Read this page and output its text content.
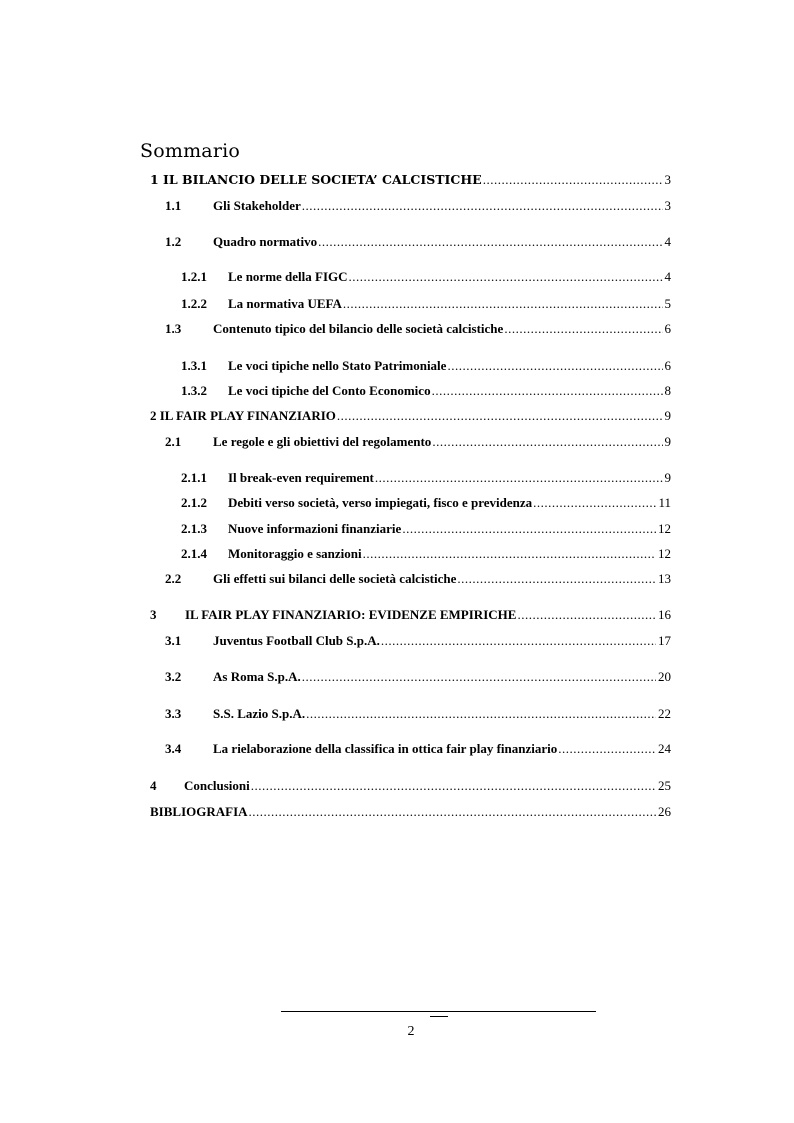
Sommario
1 IL BILANCIO DELLE SOCIETA’ CALCISTICHE .....	3
1.1	Gli Stakeholder .....	3
1.2	Quadro normativo .....	4
1.2.1	Le norme della FIGC .....	4
1.2.2	La normativa UEFA .....	5
1.3	Contenuto tipico del bilancio delle società calcistiche .....	6
1.3.1	Le voci tipiche nello Stato Patrimoniale .....	6
1.3.2	Le voci tipiche del Conto Economico .....	8
2 IL FAIR PLAY FINANZIARIO .....	9
2.1	Le regole e gli obiettivi del regolamento .....	9
2.1.1	Il break-even requirement .....	9
2.1.2	Debiti verso società, verso impiegati, fisco e previdenza .....	11
2.1.3	Nuove informazioni finanziarie .....	12
2.1.4	Monitoraggio e sanzioni .....	12
2.2	Gli effetti sui bilanci delle società calcistiche .....	13
3	IL FAIR PLAY FINANZIARIO: EVIDENZE EMPIRICHE .....	16
3.1	Juventus Football Club S.p.A. .....	17
3.2	As Roma S.p.A. .....	20
3.3	S.S. Lazio S.p.A. .....	22
3.4	La rielaborazione della classifica in ottica fair play finanziario .....	24
4	Conclusioni .....	25
BIBLIOGRAFIA .....	26
2
